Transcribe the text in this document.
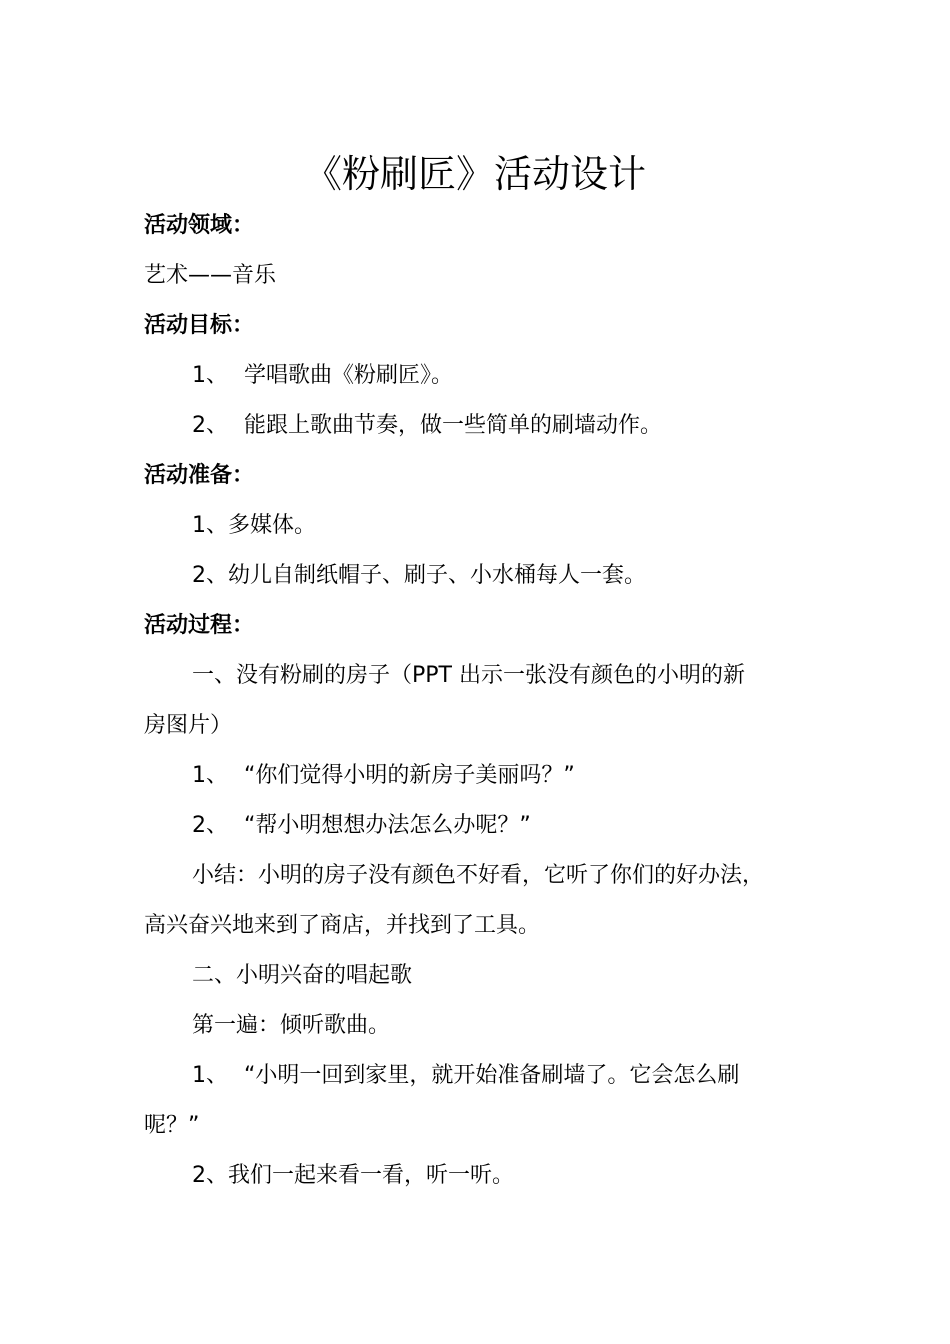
《粉刷匠》活动设计
活动领域：
艺术——音乐
活动目标：
1、 学唱歌曲《粉刷匠》。
2、 能跟上歌曲节奏，做一些简单的刷墙动作。
活动准备：
1、多媒体。
2、幼儿自制纸帽子、刷子、小水桶每人一套。
活动过程：
一、没有粉刷的房子（PPT 出示一张没有颜色的小明的新
房图片）
1、 “你们觉得小明的新房子美丽吗？”
2、 “帮小明想想办法怎么办呢？”
小结：小明的房子没有颜色不好看，它听了你们的好办法，
高兴奋兴地来到了商店，并找到了工具。
二、小明兴奋的唱起歌
第一遍：倾听歌曲。
1、 “小明一回到家里，就开始准备刷墙了。它会怎么刷
呢？”
2、我们一起来看一看，听一听。
